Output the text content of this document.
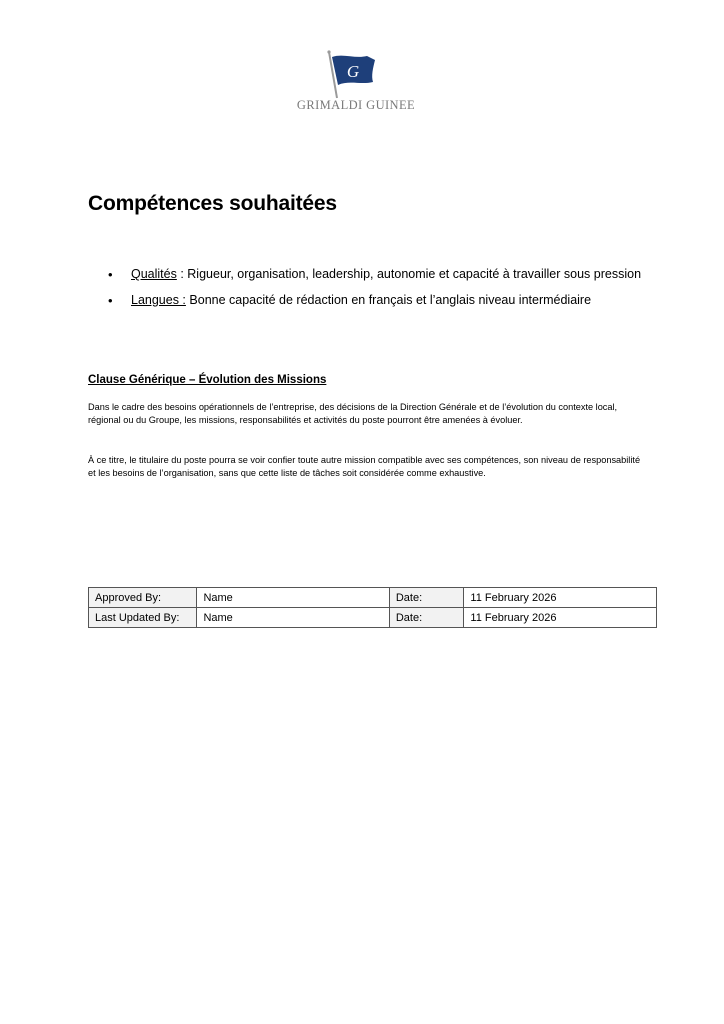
G
GRIMALDI GUINEE
Compétences souhaitées
• Qualités : Rigueur, organisation, leadership, autonomie et capacité à travailler sous pression
• Langues : Bonne capacité de rédaction en français et l’anglais niveau intermédiaire
Clause Générique – Évolution des Missions

Dans le cadre des besoins opérationnels de l’entreprise, des décisions de la Direction Générale et de l’évolution du contexte local, régional ou du Groupe, les missions, responsabilités et activités du poste pourront être amenées à évoluer.

À ce titre, le titulaire du poste pourra se voir confier toute autre mission compatible avec ses compétences, son niveau de responsabilité et les besoins de l’organisation, sans que cette liste de tâches soit considérée comme exhaustive.

Approved By:	Name	Date:	11 February 2026
Last Updated By:	Name	Date:	11 February 2026
